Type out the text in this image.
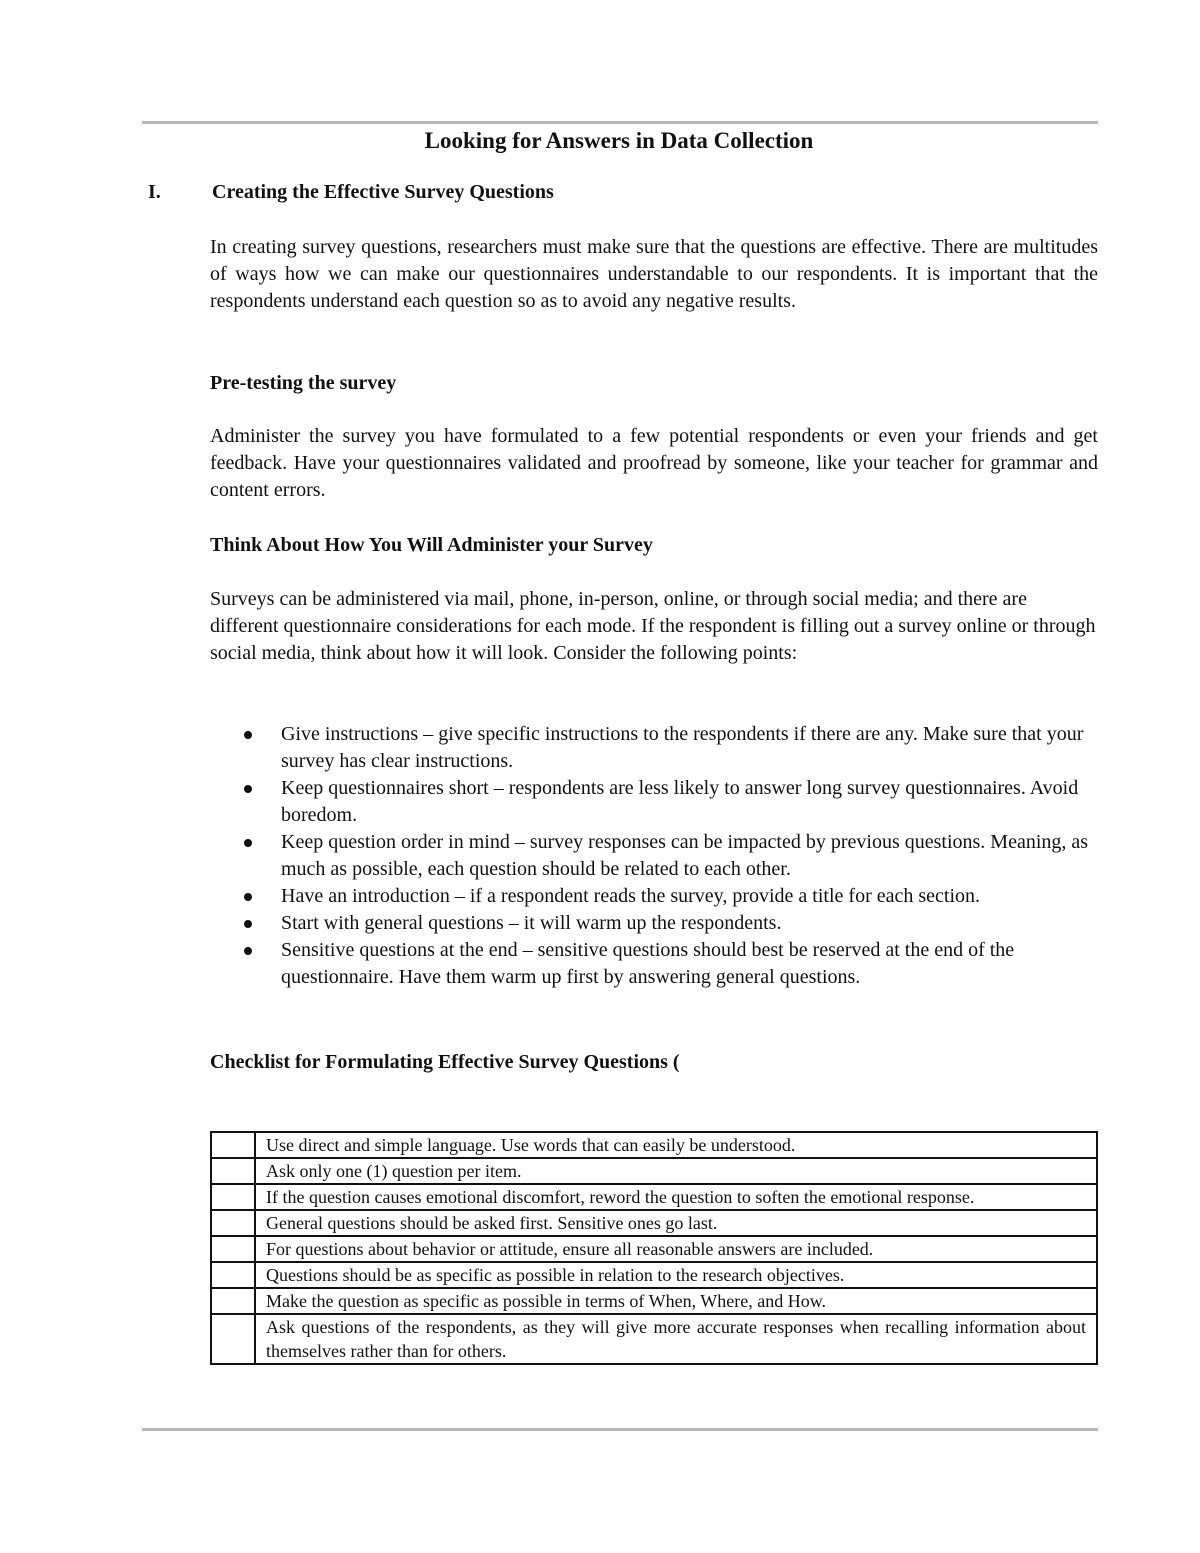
Looking for Answers in Data Collection
I.	Creating the Effective Survey Questions

In creating survey questions, researchers must make sure that the questions are effective. There are multitudes of ways how we can make our questionnaires understandable to our respondents. It is important that the respondents understand each question so as to avoid any negative results.

Pre-testing the survey

Administer the survey you have formulated to a few potential respondents or even your friends and get feedback. Have your questionnaires validated and proofread by someone, like your teacher for grammar and content errors.

Think About How You Will Administer your Survey

Surveys can be administered via mail, phone, in-person, online, or through social media; and there are different questionnaire considerations for each mode. If the respondent is filling out a survey online or through social media, think about how it will look. Consider the following points:

Give instructions – give specific instructions to the respondents if there are any. Make sure that your survey has clear instructions.
Keep questionnaires short – respondents are less likely to answer long survey questionnaires. Avoid boredom.
Keep question order in mind – survey responses can be impacted by previous questions. Meaning, as much as possible, each question should be related to each other.
Have an introduction – if a respondent reads the survey, provide a title for each section.
Start with general questions – it will warm up the respondents.
Sensitive questions at the end – sensitive questions should best be reserved at the end of the questionnaire. Have them warm up first by answering general questions.
Checklist for Formulating Effective Survey Questions (
	Use direct and simple language. Use words that can easily be understood.
	Ask only one (1) question per item.
	If the question causes emotional discomfort, reword the question to soften the emotional response.
	General questions should be asked first. Sensitive ones go last.
	For questions about behavior or attitude, ensure all reasonable answers are included.
	Questions should be as specific as possible in relation to the research objectives.
	Make the question as specific as possible in terms of When, Where, and How.
	Ask questions of the respondents, as they will give more accurate responses when recalling information about themselves rather than for others.
